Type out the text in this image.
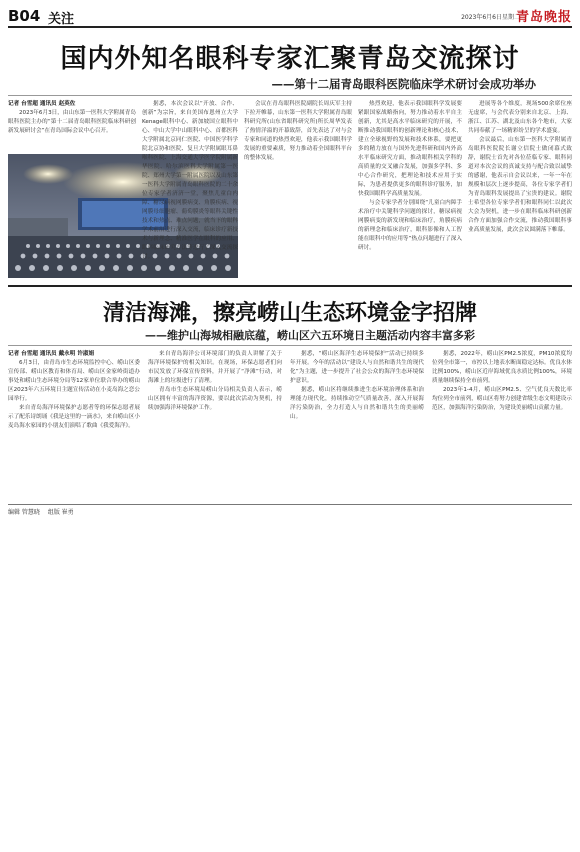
B04 关注	2023年6月6日 星期二
青岛晚报
国内外知名眼科专家汇聚青岛交流探讨
——第十二届青岛眼科医院临床学术研讨会成功举办

记者 台雪超 通讯员 赵英佐

2023年6月3日，由山东第一医科大学附属青岛眼科医院主办的“第十二届青岛眼科医院临床科研创新发展研讨会”在青岛国际会议中心召开。

据悉，本次会议以“开放、合作、创新”为宗旨，来自美国布恩州立大学Kenage眼科中心、新加坡国立眼科中心、中山大学中山眼科中心、首都医科大学附属北京同仁医院、中国医学科学院北京协和医院、复旦大学附属眼耳鼻喉科医院、上海交通大学医学院附属新华医院、哈尔滨医科大学附属第一医院、郑州大学第一附属医院以及山东第一医科大学附属青岛眼科医院的二十余位专家学者济济一堂，聚焦儿童白内障、糖尿病视网膜病变、角膜疾病、视网膜母细胞瘤、葡萄膜炎等眼科关键性技术和热点、难点问题，就当下的眼科学术前沿进行深入交流，临床诊疗新技术与新理念、精准医学在眼科的应用、眼科临床研究方法等进行了深入交流探讨。

会议在青岛眼科医院副院长周庆军主持下拉开帷幕，山东第一医科大学附属青岛眼科研究所(山东省眼科研究所)所长周华发表了热情洋溢的开幕致辞，首先表达了对与会专家和同道的热烈欢迎，他表示我国眼科学发展的重要素质，努力推动着全国眼科平台的整体发展。

热烈欢迎，他表示我国眼科学发展要紧跟国家战略指向，努力推动着水平自主创新，尤其是高水平临床研究的开展，不断推动我国眼科的创新理论和核心技术，建立全球视野的发展和技术体系，要把更多的精力放在与国外先进科研和国内外高水平临床研究方面，推动眼科相关学科的高质量的交叉融合发展，加强多学科、多中心合作研究，把理论和技术应用于实际，为患者提供更多的眼科诊疗服务，加快我国眼科学高质量发展。

与会专家学者分别围绕“儿童白内障手术治疗中关键科学问题的探讨，糖尿病视网膜病变的新发现和临床治疗，角膜疾病的新理念和临床治疗，眼科影像和人工智能在眼科中的应用等”热点问题进行了深入研讨。

进展等各个维度，现场500余席位座无虚席，与会代表分别来自北京、上海、浙江、江苏、湖北及山东各个地市，大家共同奉献了一场精彩纷呈的学术盛宴。

会议最后，山东第一医科大学附属青岛眼科医院院长谢立信院士做闭幕式致辞，谢院士首先对各位莅临专家、眼科同道对本次会议的真诚支持与配合致以诚挚的感谢，他表示自会议以来，一年一年在规模和层次上逐步提高，各位专家学者们为青岛眼科发展提出了宝贵的建议。谢院士希望各位专家学者们和眼科同仁以此次大会为契机，进一步在眼科临床科研创新合作方面加强合作交流，推动我国眼科事业高质量发展，此次会议圆满落下帷幕。

清洁海滩，擦亮崂山生态环境金字招牌
——维护山海城相融底蕴，崂山区六五环境日主题活动内容丰富多彩

记者 台雪超 通讯员 戴永明 许淑娟

6月3日，由青岛市生态环境监控中心、崂山区委宣传部、崂山区教育和体育局、崂山区金家岭街道办事处和崂山生态环境分局等12家单位联合举办的崂山区2023年六五环境日主题宣传活动在小麦岛海之恋公园举行。

来自青岛海洋环境保护志愿者等的环保志愿者展示了配乐诗朗诵《我是这里的一滴水》，来自崂山区小麦岛海水家园的小朋友们演唱了歌曲《我爱海洋》。

来自青岛海洋公司环境部门的负责人讲解了关于海洋环境保护的相关知识。在现场，环保志愿者们向市民发放了环保宣传资料，并开展了“净滩”行动，对海滩上的垃圾进行了清理。

青岛市生态环境局崂山分局相关负责人表示，崂山区拥有丰富的海洋资源，要以此次活动为契机，持续加强海洋环境保护工作。

据悉，“崂山区海洋生态环境保护”活动已持续多年开展。今年的活动以“建设人与自然和谐共生的现代化”为主题，进一步提升了社会公众的海洋生态环境保护意识。

据悉，崂山区将继续推进生态环境治理体系和治理能力现代化，持续推动空气质量改善，深入开展海洋污染防治，全力打造人与自然和谐共生的美丽崂山。

据悉，2022年，崂山区PM2.5浓度，PM10浓度均位列全市第一，市控以上地表水断面稳定达标。优良水体比例100%，崂山区近岸海域优良水质比例100%，环境质量继续保持全市前列。

2023年1-4月，崂山区PM2.5、空气优良天数比率均位列全市前列，崂山区将努力创建省级生态文明建设示范区，加强海洋污染防治，为建设美丽崂山贡献力量。

编辑 管慧晓 组版 崔勇
